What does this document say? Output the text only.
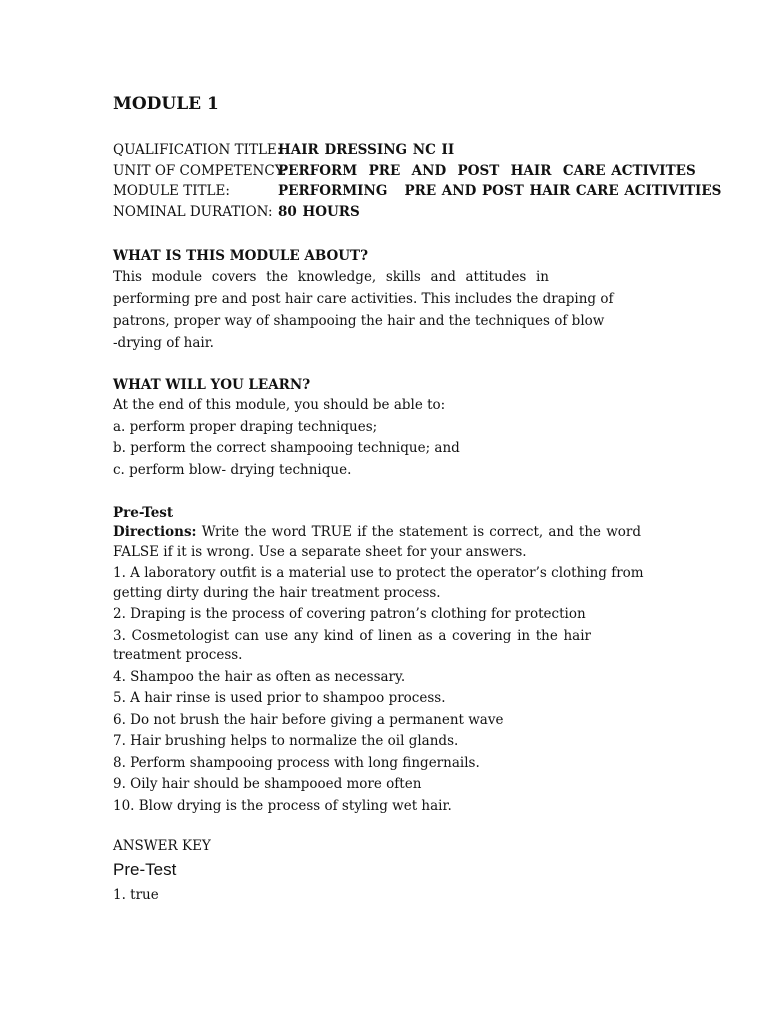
MODULE 1
QUALIFICATION TITLE:
HAIR DRESSING NC II
UNIT OF COMPETENCY:
PERFORM  PRE  AND  POST  HAIR  CARE ACTIVITES
MODULE TITLE:	PERFORMING   PRE AND POST HAIR CARE ACITIVITIES
NOMINAL DURATION: 80 HOURS
WHAT IS THIS MODULE ABOUT?
This module covers the knowledge, skills and attitudes in
performing pre and post hair care activities. This includes the draping of
patrons, proper way of shampooing the hair and the techniques of blow
-drying of hair.
WHAT WILL YOU LEARN?
At the end of this module, you should be able to:
a. perform proper draping techniques;
b. perform the correct shampooing technique; and
c. perform blow- drying technique.
Pre-Test
Directions: Write the word TRUE if the statement is correct, and the word
FALSE if it is wrong. Use a separate sheet for your answers.
1. A laboratory outfit is a material use to protect the operator’s clothing from
getting dirty during the hair treatment process.
2. Draping is the process of covering patron’s clothing for protection
3. Cosmetologist can use any kind of linen as a covering in the hair
treatment process.
4. Shampoo the hair as often as necessary.
5. A hair rinse is used prior to shampoo process.
6. Do not brush the hair before giving a permanent wave
7. Hair brushing helps to normalize the oil glands.
8. Perform shampooing process with long fingernails.
9. Oily hair should be shampooed more often
10. Blow drying is the process of styling wet hair.
ANSWER KEY
Pre-Test
1. true
